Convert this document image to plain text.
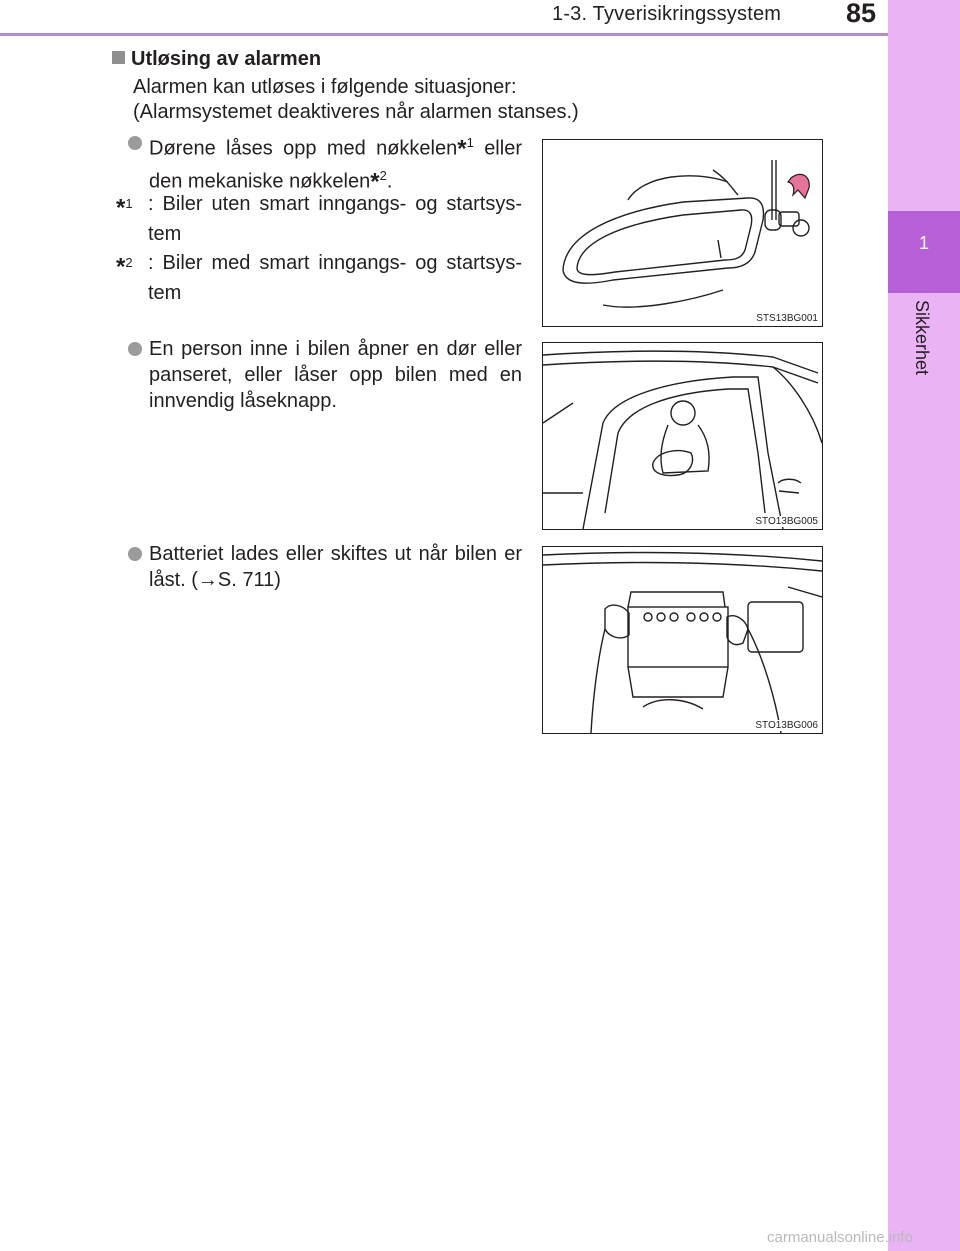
1-3. Tyverisikringssystem 85
1
Sikkerhet
Utløsing av alarmen
Alarmen kan utløses i følgende situasjoner:
(Alarmsystemet deaktiveres når alarmen stanses.)
Dørene låses opp med nøkkelen*$^1$ eller den mekaniske nøkkelen*$^2$.
*$^1$ : Biler uten smart inngangs- og startsys-tem
*$^2$ : Biler med smart inngangs- og startsys-tem
En person inne i bilen åpner en dør eller panseret, eller låser opp bilen med en innvendig låseknapp.
Batteriet lades eller skiftes ut når bilen er låst. (→S. 711)
STS13BG001
STO13BG005
STO13BG006
carmanualsonline.info
